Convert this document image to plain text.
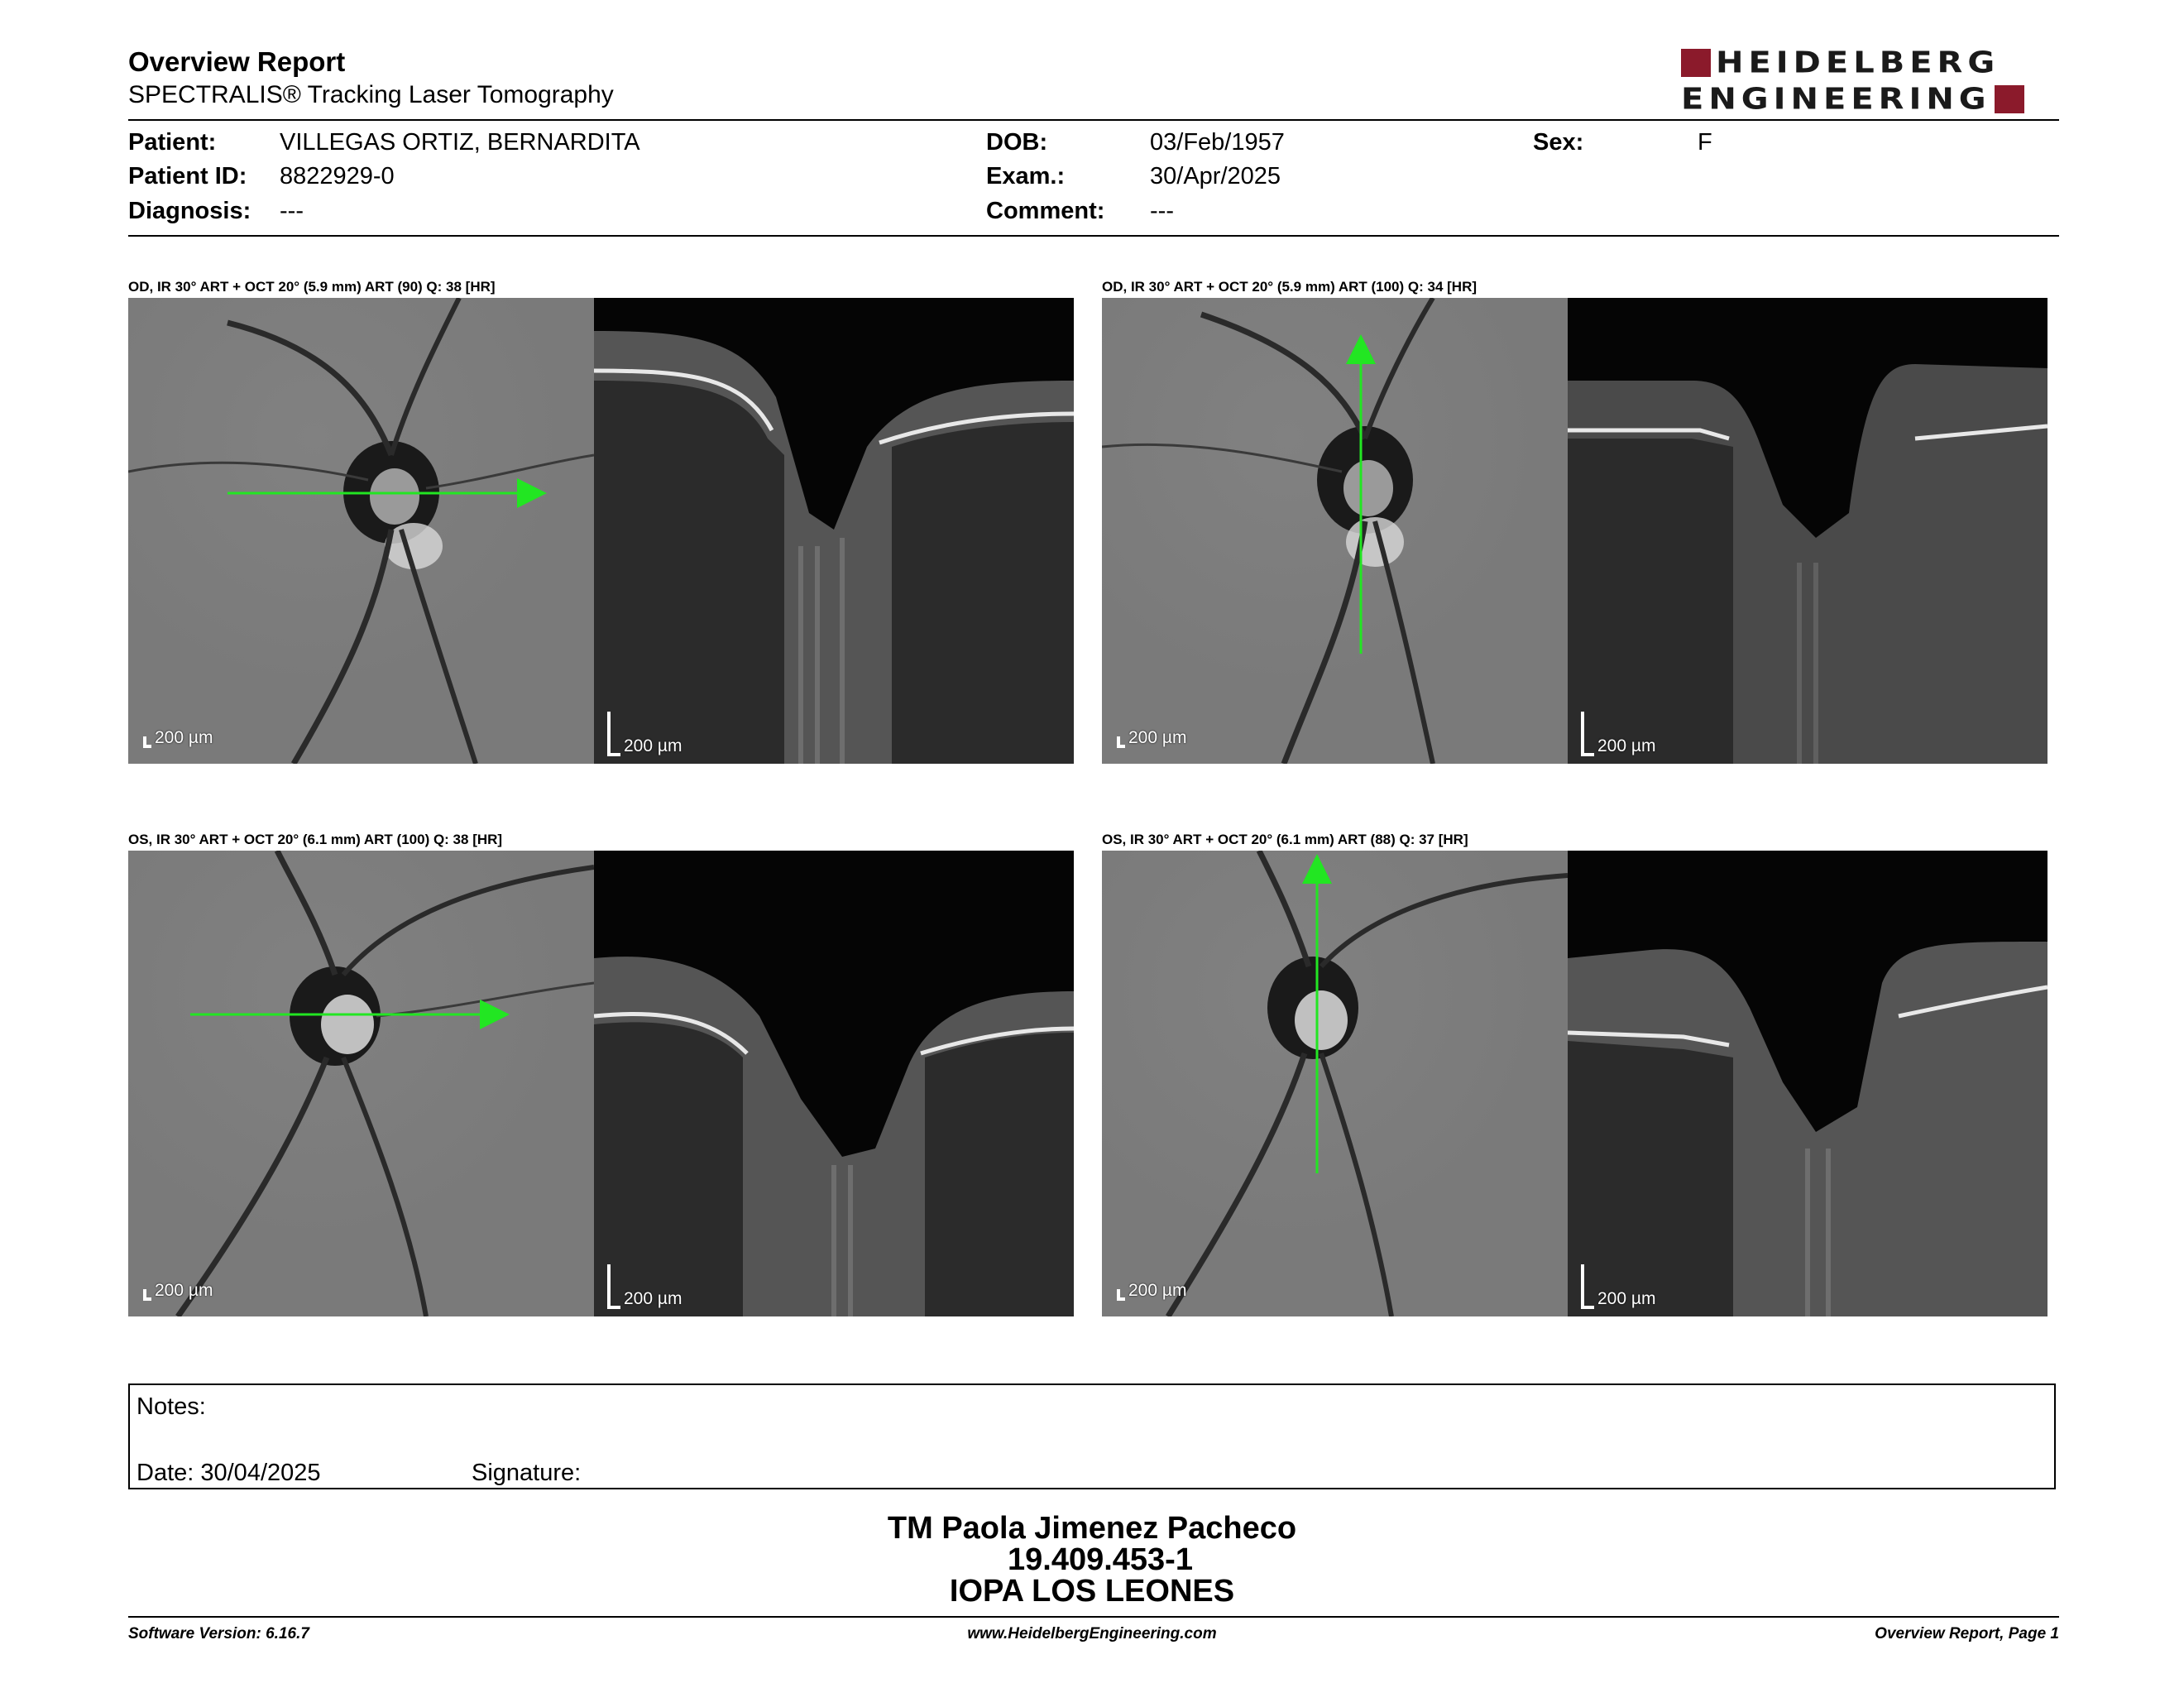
Overview Report
SPECTRALIS® Tracking Laser Tomography
HEIDELBERG
ENGINEERING
Patient:	VILLEGAS ORTIZ, BERNARDITA
Patient ID: 8822929-0
Diagnosis: ---
DOB:	03/Feb/1957
Exam.:	30/Apr/2025
Comment: ---
Sex:	F
OD, IR 30° ART + OCT 20° (5.9 mm) ART (90) Q: 38 [HR]
200 µm	200 µm
OD, IR 30° ART + OCT 20° (5.9 mm) ART (100) Q: 34 [HR]
200 µm	200 µm
OS, IR 30° ART + OCT 20° (6.1 mm) ART (100) Q: 38 [HR]
200 µm	200 µm
OS, IR 30° ART + OCT 20° (6.1 mm) ART (88) Q: 37 [HR]
200 µm	200 µm
Notes:
Date: 30/04/2025	Signature:
TM Paola Jimenez Pacheco
19.409.453-1
IOPA LOS LEONES
Software Version: 6.16.7	www.HeidelbergEngineering.com	Overview Report, Page 1
